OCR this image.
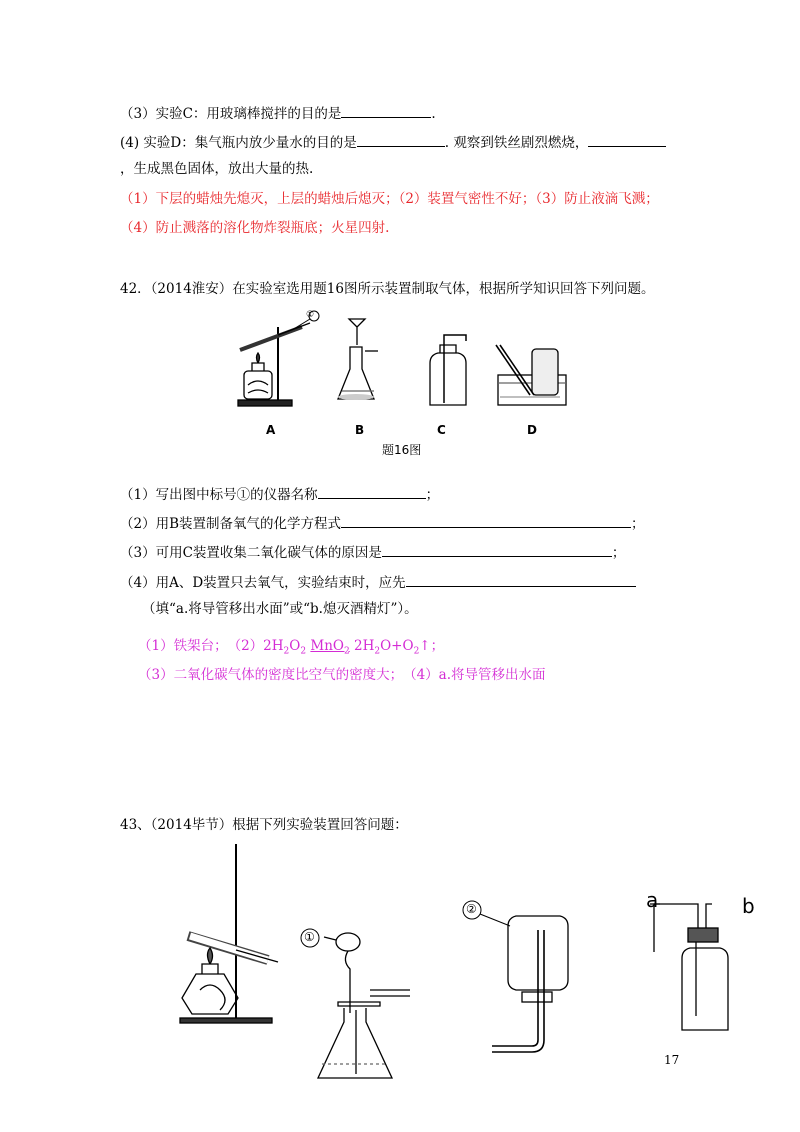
（3）实验C：用玻璃棒搅拌的目的是	.
(4) 实验D：集气瓶内放少量水的目的是	. 观察到铁丝剧烈燃烧，
，生成黑色固体，放出大量的热.
（1）下层的蜡烛先熄灭，上层的蜡烛后熄灭；（2）装置气密性不好；（3）防止液滴飞溅；
（4）防止溅落的溶化物炸裂瓶底；火星四射.
42．（2014淮安）在实验室选用题16图所示装置制取气体，根据所学知识回答下列问题。
①
A	B	C	D
题16图
（1）写出图中标号①的仪器名称	；
（2）用B装置制备氧气的化学方程式	；
（3）可用C装置收集二氧化碳气体的原因是	；
（4）用A、D装置只去氧气，实验结束时，应先
（填“a.将导管移出水面”或“b.熄灭酒精灯”）。
（1）铁架台；　$(2)2H_2O_2$ MnO$_2$ $2H_2O+O_2↑$；
（3）二氧化碳气体的密度比空气的密度大；　（4）a.将导管移出水面
43、（2014毕节）根据下列实验装置回答问题：
①
②	a	b
17
